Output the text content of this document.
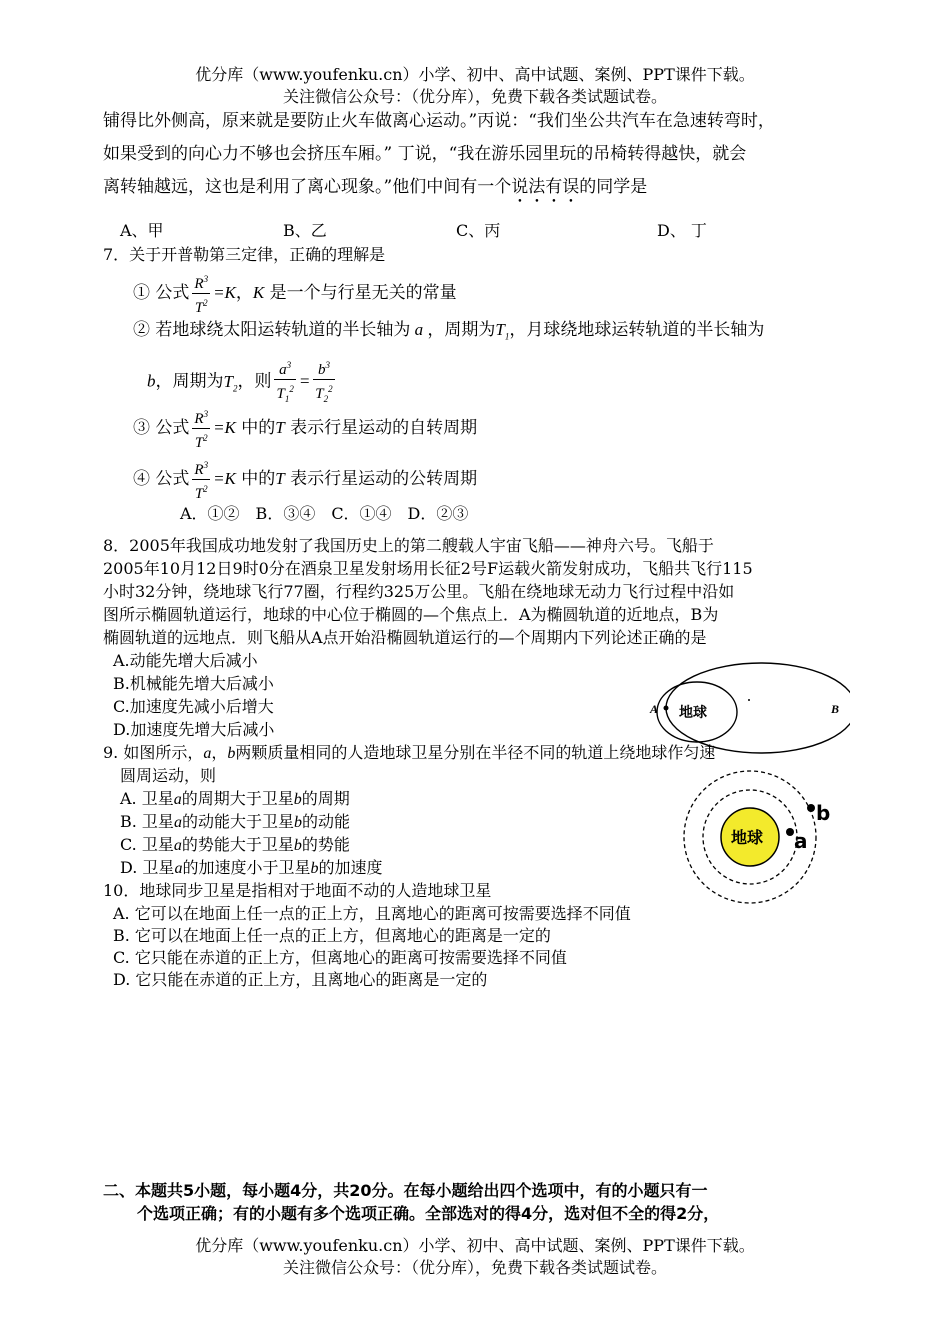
优分库（www.youfenku.cn）小学、初中、高中试题、案例、PPT课件下载。
关注微信公众号：（优分库），免费下载各类试题试卷。
铺得比外侧高，原来就是要防止火车做离心运动。”丙说：“我们坐公共汽车在急速转弯时，
如果受到的向心力不够也会挤压车厢。” 丁说，“我在游乐园里玩的吊椅转得越快，就会
离转轴越远，这也是利用了离心现象。”他们中间有一个说法有误的同学是
A、甲	B、乙	C、丙	D、 丁
7．关于开普勒第三定律，正确的理解是
① 公式 $\frac{R^3}{T^2} =K$，K 是一个与行星无关的常量
② 若地球绕太阳运转轨道的半长轴为 a ，周期为$T_1$，月球绕地球运转轨道的半长轴为
b，周期为$T_2$，则 $\frac{a^3}{T_1^2} = \frac{b^3}{T_2^2}$
③ 公式 $\frac{R^3}{T^2} =K$ 中的T 表示行星运动的自转周期
④ 公式 $\frac{R^3}{T^2} =K$ 中的T 表示行星运动的公转周期
A．①②　B．③④　C．①④　D．②③
8．2005年我国成功地发射了我国历史上的第二艘载人宇宙飞船——神舟六号。飞船于
2005年10月12日9时0分在酒泉卫星发射场用长征2号F运载火箭发射成功，飞船共飞行115
小时32分钟，绕地球飞行77圈，行程约325万公里。飞船在绕地球无动力飞行过程中沿如
图所示椭圆轨道运行，地球的中心位于椭圆的—个焦点上．A为椭圆轨道的近地点，B为
椭圆轨道的远地点．则飞船从A点开始沿椭圆轨道运行的—个周期内下列论述正确的是
A.动能先增大后减小
B.机械能先增大后减小
C.加速度先减小后增大
D.加速度先增大后减小
地球
A	B
9. 如图所示，a，b两颗质量相同的人造地球卫星分别在半径不同的轨道上绕地球作匀速
圆周运动，则
A. 卫星a的周期大于卫星b的周期
B. 卫星a的动能大于卫星b的动能
C. 卫星a的势能大于卫星b的势能
D. 卫星a的加速度小于卫星b的加速度
地球 a
b
10．地球同步卫星是指相对于地面不动的人造地球卫星
A. 它可以在地面上任一点的正上方，且离地心的距离可按需要选择不同值
B. 它可以在地面上任一点的正上方，但离地心的距离是一定的
C. 它只能在赤道的正上方，但离地心的距离可按需要选择不同值
D. 它只能在赤道的正上方，且离地心的距离是一定的
二、本题共5小题，每小题4分，共20分。在每小题给出四个选项中，有的小题只有一
个选项正确；有的小题有多个选项正确。全部选对的得4分，选对但不全的得2分，
优分库（www.youfenku.cn）小学、初中、高中试题、案例、PPT课件下载。
关注微信公众号：（优分库），免费下载各类试题试卷。
